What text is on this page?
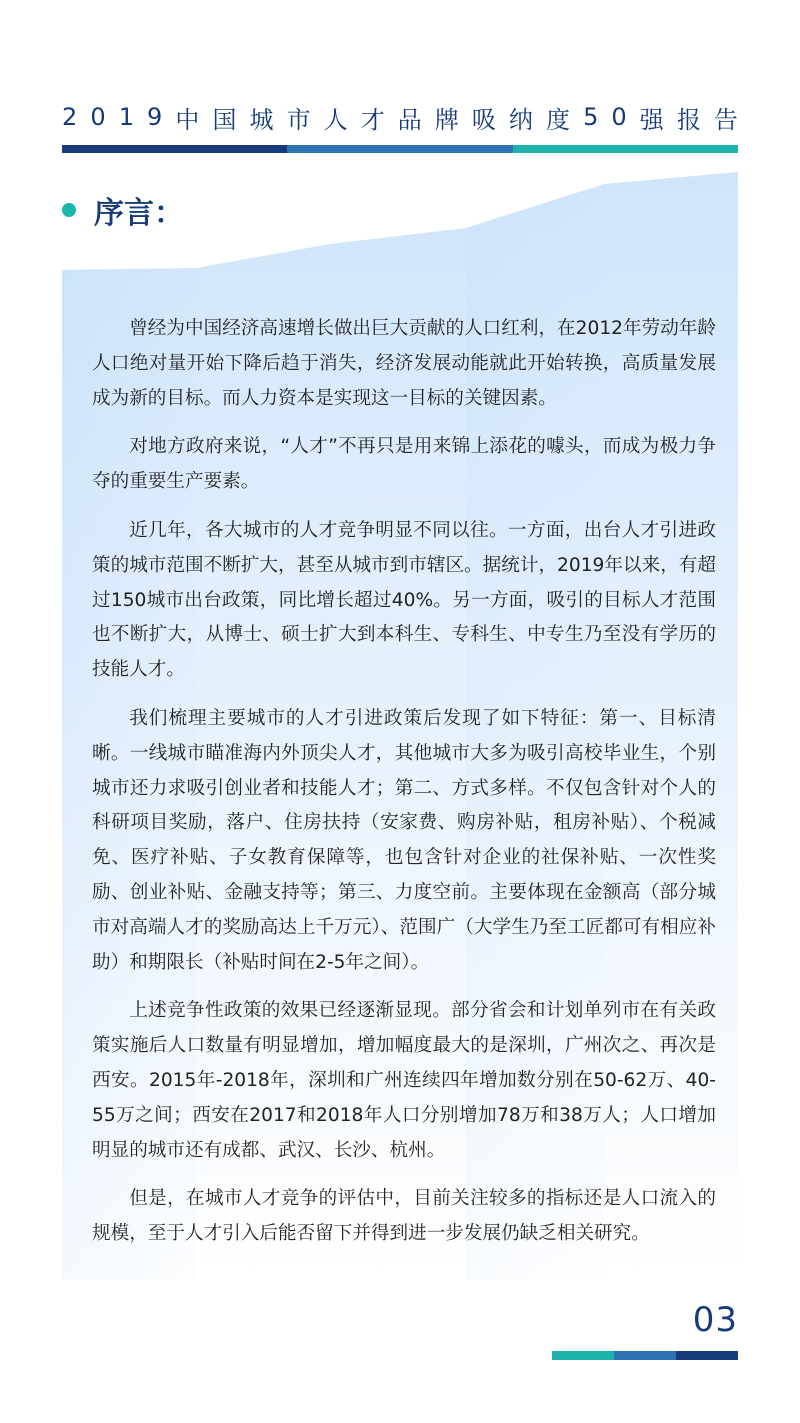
2 0 1 9 中 国 城 市 人 才 品 牌 吸 纳 度 5 0 强 报 告
序言：

曾经为中国经济高速增长做出巨大贡献的人口红利，在2012年劳动年龄人口绝对量开始下降后趋于消失，经济发展动能就此开始转换，高质量发展成为新的目标。而人力资本是实现这一目标的关键因素。

对地方政府来说，“人才”不再只是用来锦上添花的噱头，而成为极力争夺的重要生产要素。

近几年，各大城市的人才竞争明显不同以往。一方面，出台人才引进政策的城市范围不断扩大，甚至从城市到市辖区。据统计，2019年以来，有超过150城市出台政策，同比增长超过40%。另一方面，吸引的目标人才范围也不断扩大，从博士、硕士扩大到本科生、专科生、中专生乃至没有学历的技能人才。

我们梳理主要城市的人才引进政策后发现了如下特征：第一、目标清晰。一线城市瞄准海内外顶尖人才，其他城市大多为吸引高校毕业生，个别城市还力求吸引创业者和技能人才；第二、方式多样。不仅包含针对个人的科研项目奖励，落户、住房扶持（安家费、购房补贴，租房补贴）、个税减免、医疗补贴、子女教育保障等，也包含针对企业的社保补贴、一次性奖励、创业补贴、金融支持等；第三、力度空前。主要体现在金额高（部分城市对高端人才的奖励高达上千万元）、范围广（大学生乃至工匠都可有相应补助）和期限长（补贴时间在2-5年之间）。

上述竞争性政策的效果已经逐渐显现。部分省会和计划单列市在有关政策实施后人口数量有明显增加，增加幅度最大的是深圳，广州次之、再次是西安。2015年-2018年，深圳和广州连续四年增加数分别在50-62万、40-55万之间；西安在2017和2018年人口分别增加78万和38万人；人口增加明显的城市还有成都、武汉、长沙、杭州。

但是，在城市人才竞争的评估中，目前关注较多的指标还是人口流入的规模，至于人才引入后能否留下并得到进一步发展仍缺乏相关研究。

03
